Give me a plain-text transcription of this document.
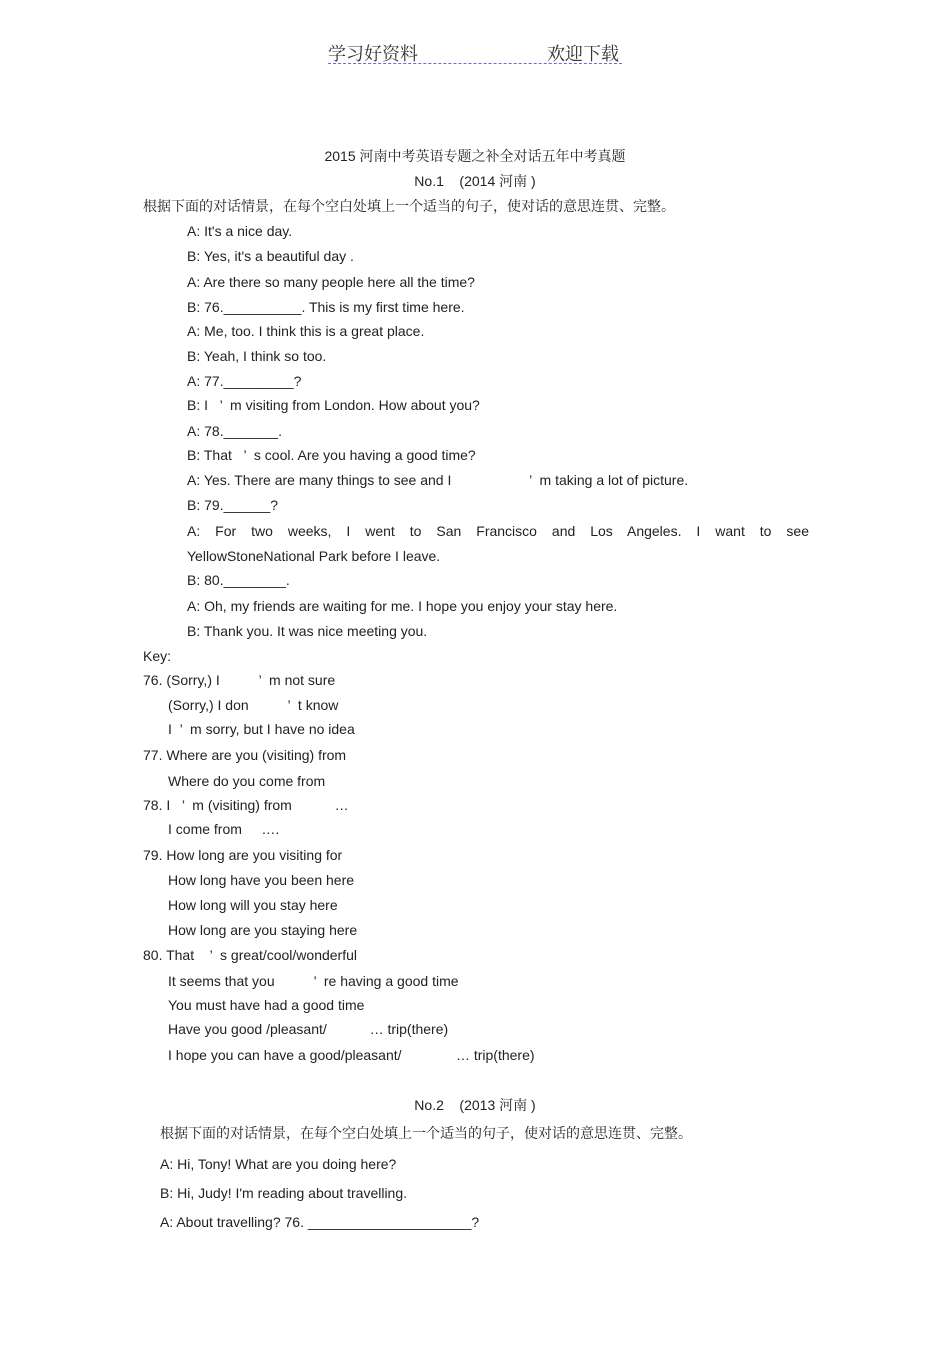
学习好资料	欢迎下载
2015 河南中考英语专题之补全对话五年中考真题
No.1    (2014 河南 )
根据下面的对话情景，在每个空白处填上一个适当的句子，使对话的意思连贯、完整。
A: It's a nice day.
B: Yes, it's a beautiful day .
A: Are there so many people here all the time?
B: 76.__________. This is my first time here.
A: Me, too. I think this is a great place.
B: Yeah, I think so too.
A: 77._________?
B: I   ’  m visiting from London. How about you?
A: 78._______.
B: That   ’  s cool. Are you having a good time?
A: Yes. There are many things to see and I                    ’  m taking a lot of picture.
B: 79.______?
A: For two weeks, I went to San Francisco and Los Angeles. I want to see
YellowStoneNational Park before I leave.
B: 80.________.
A: Oh, my friends are waiting for me. I hope you enjoy your stay here.
B: Thank you. It was nice meeting you.
Key:
76. (Sorry,) I          ’  m not sure
(Sorry,) I don          ’  t know
I  ’  m sorry, but I have no idea
77. Where are you (visiting) from
Where do you come from
78. I   ’  m (visiting) from           …
I come from     ….
79. How long are you visiting for
How long have you been here
How long will you stay here
How long are you staying here
80. That    ’  s great/cool/wonderful
It seems that you          ’  re having a good time
You must have had a good time
Have you good /pleasant/           … trip(there)
I hope you can have a good/pleasant/              … trip(there)
No.2    (2013 河南 )
根据下面的对话情景，在每个空白处填上一个适当的句子，使对话的意思连贯、完整。
A: Hi, Tony! What are you doing here?
B: Hi, Judy! I'm reading about travelling.
A: About travelling? 76. _____________________?
